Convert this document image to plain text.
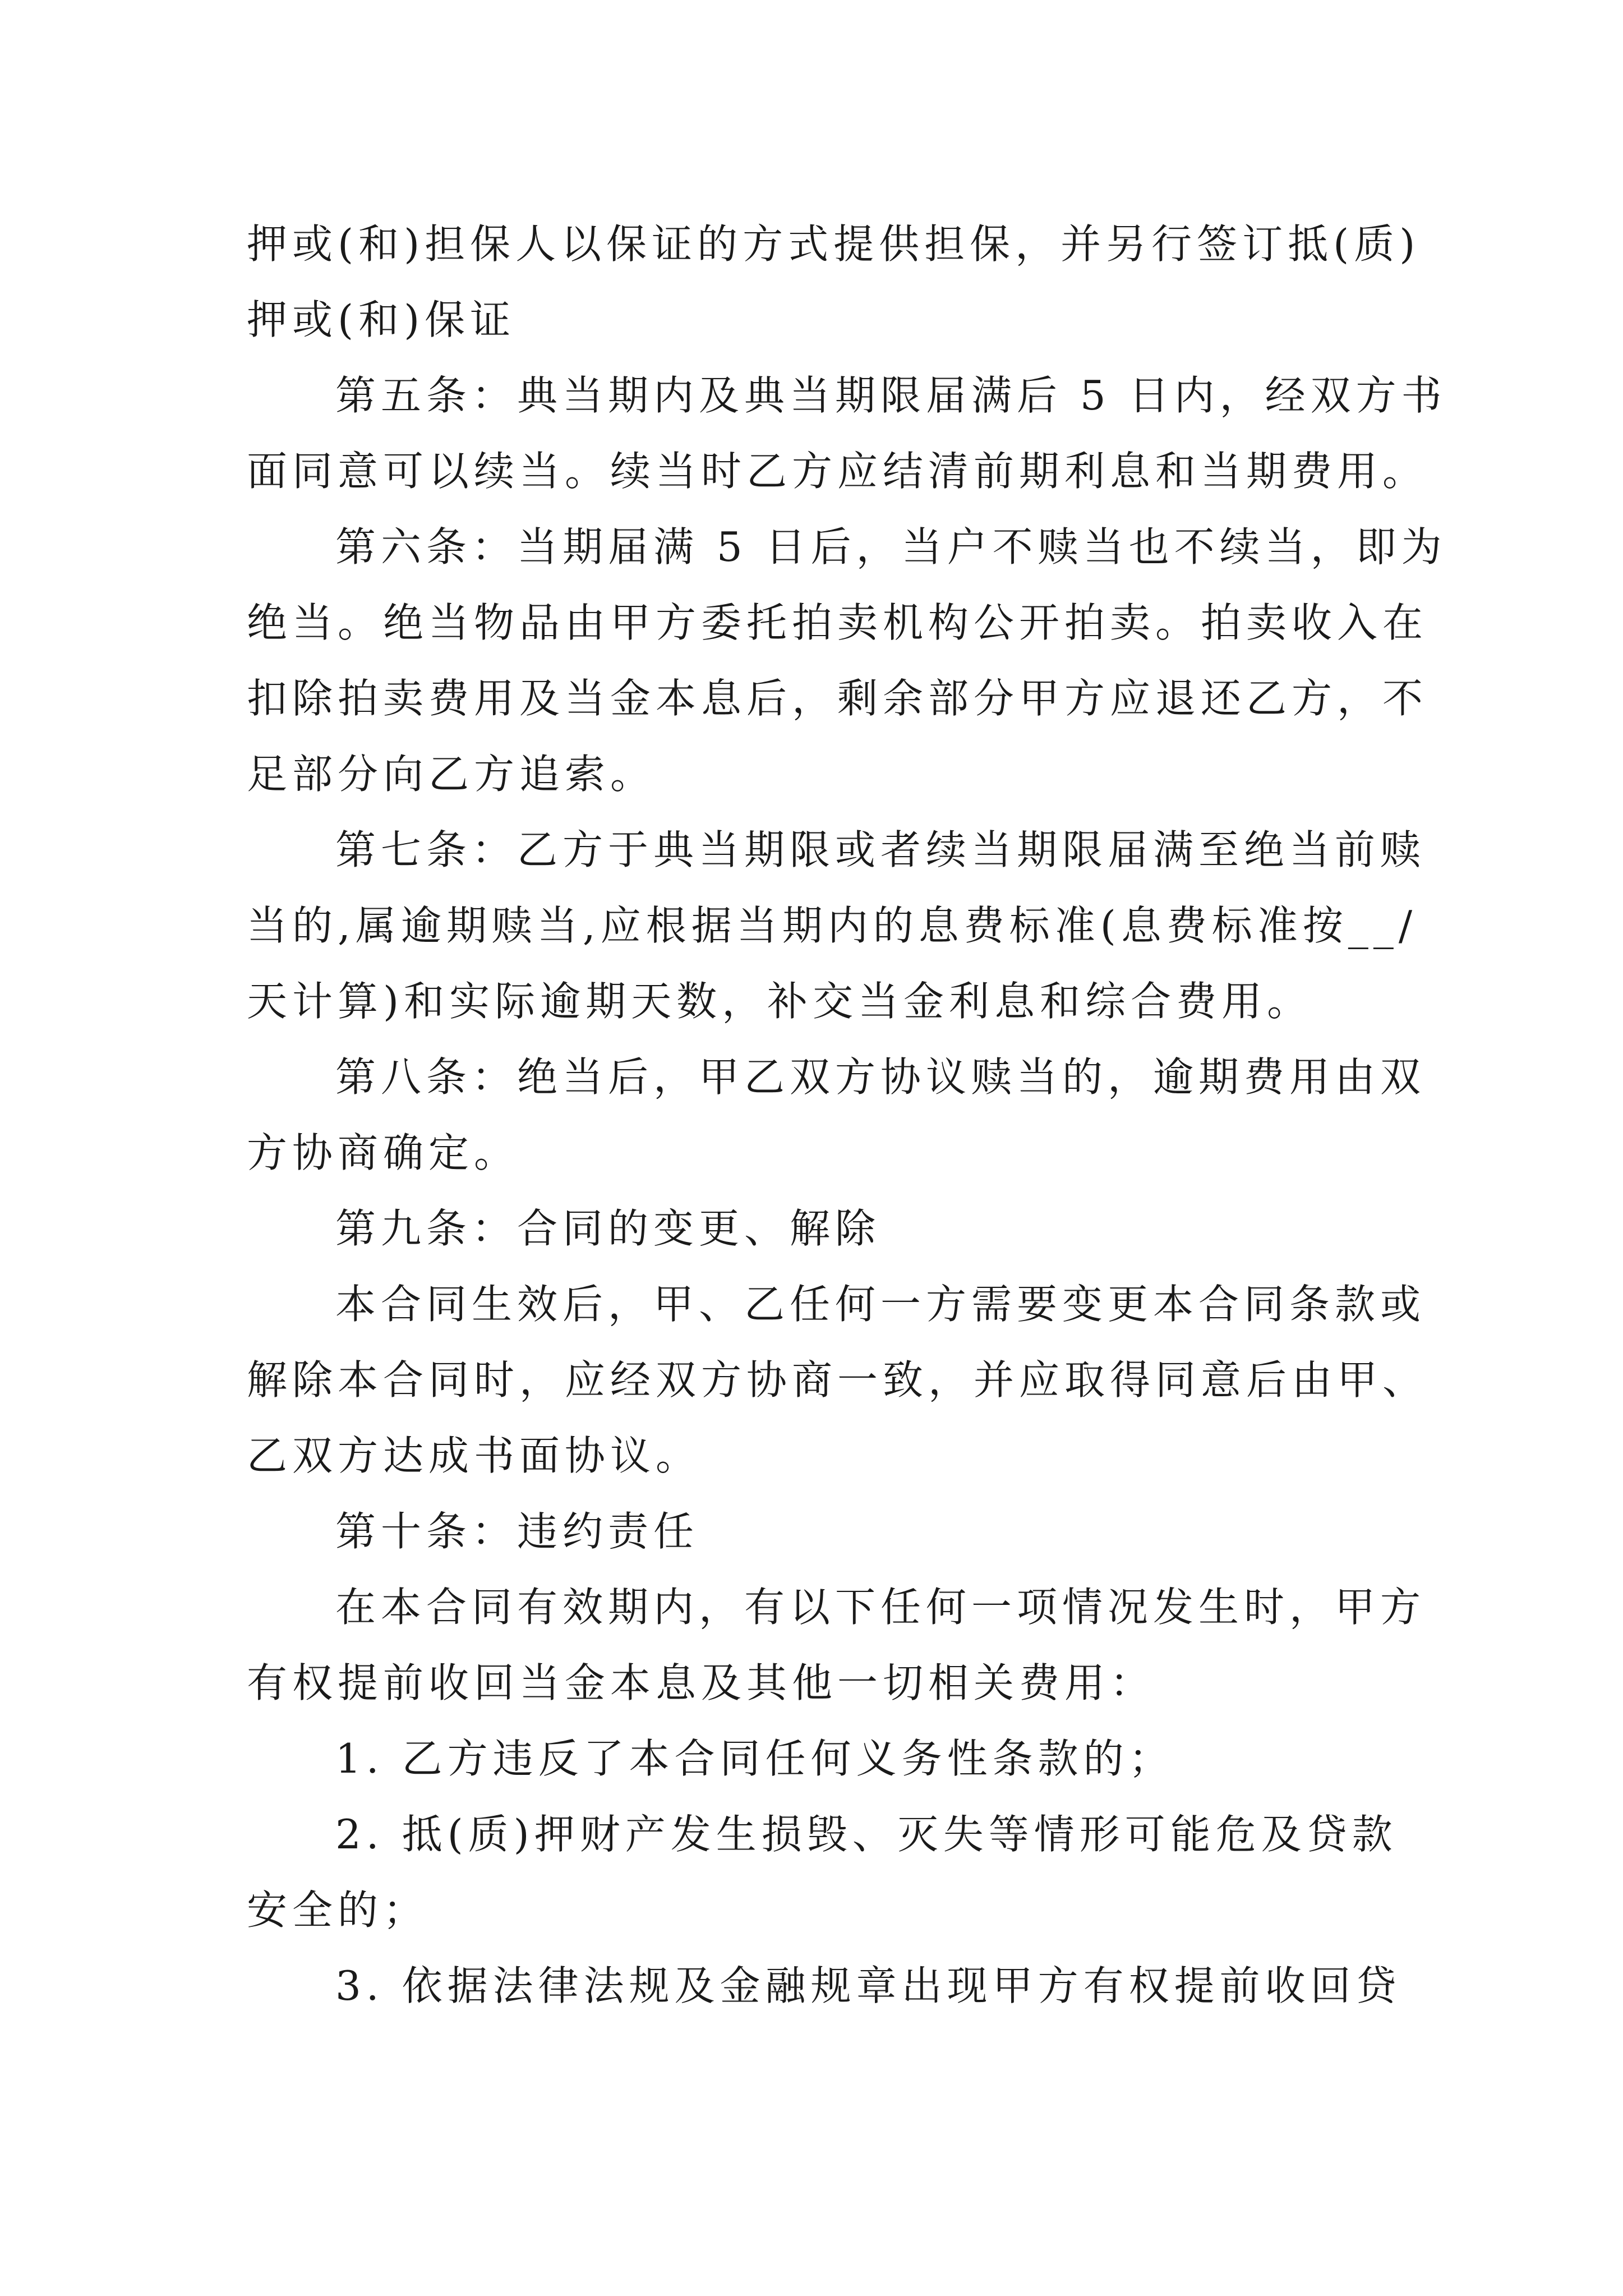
押或(和)担保人以保证的方式提供担保，并另行签订抵(质)
押或(和)保证
第五条：典当期内及典当期限届满后 5 日内，经双方书
面同意可以续当。续当时乙方应结清前期利息和当期费用。
第六条：当期届满 5 日后，当户不赎当也不续当，即为
绝当。绝当物品由甲方委托拍卖机构公开拍卖。拍卖收入在
扣除拍卖费用及当金本息后，剩余部分甲方应退还乙方，不
足部分向乙方追索。
第七条：乙方于典当期限或者续当期限届满至绝当前赎
当的,属逾期赎当,应根据当期内的息费标准(息费标准按__/
天计算)和实际逾期天数，补交当金利息和综合费用。
第八条：绝当后，甲乙双方协议赎当的，逾期费用由双
方协商确定。
第九条：合同的变更、解除
本合同生效后，甲、乙任何一方需要变更本合同条款或
解除本合同时，应经双方协商一致，并应取得同意后由甲、
乙双方达成书面协议。
第十条：违约责任
在本合同有效期内，有以下任何一项情况发生时，甲方
有权提前收回当金本息及其他一切相关费用：
1. 乙方违反了本合同任何义务性条款的；
2. 抵(质)押财产发生损毁、灭失等情形可能危及贷款
安全的；
3. 依据法律法规及金融规章出现甲方有权提前收回贷
